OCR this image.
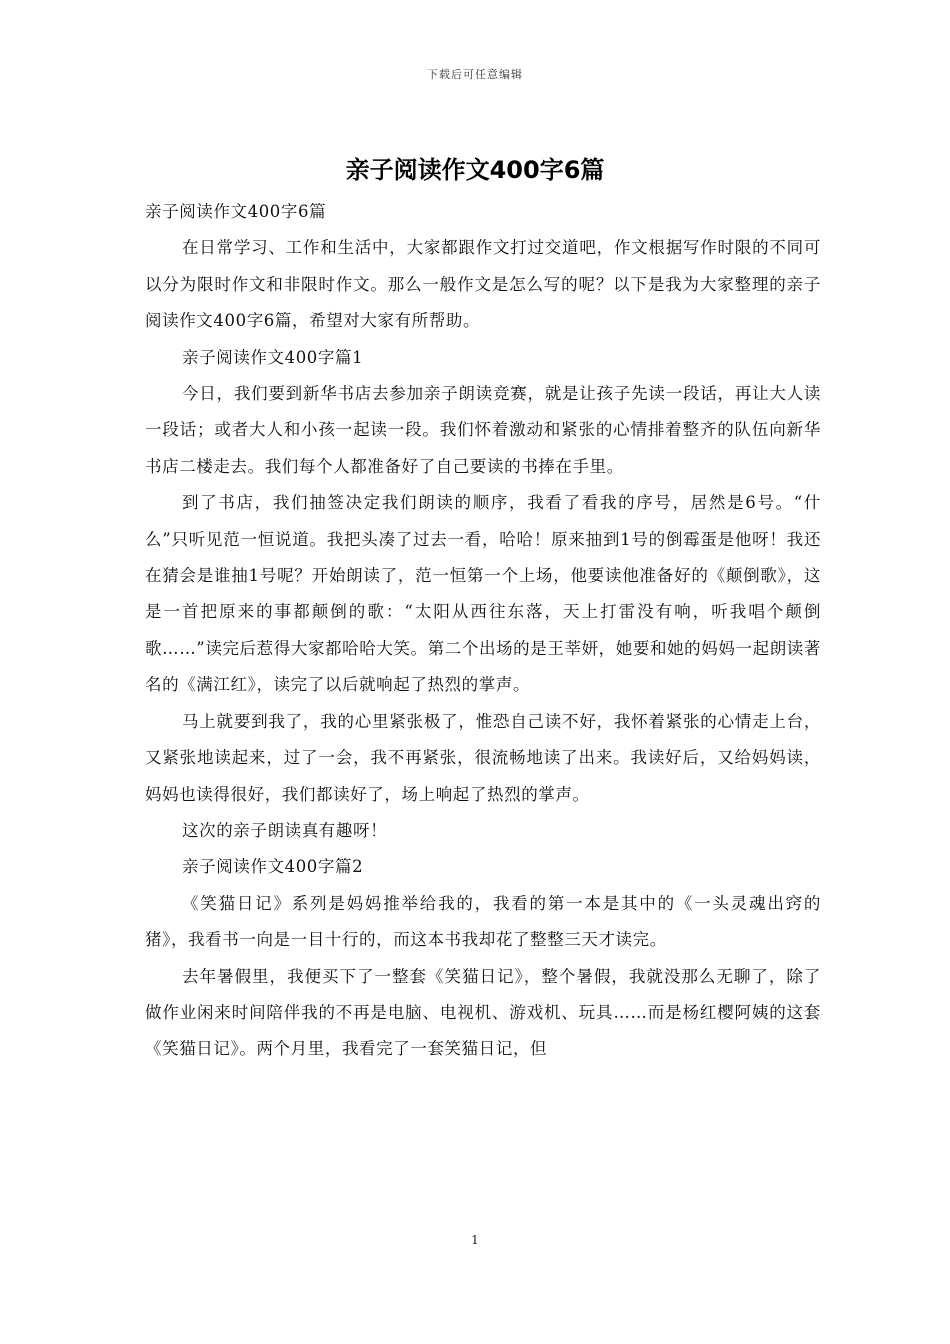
下载后可任意编辑
亲子阅读作文400字6篇

亲子阅读作文400字6篇

在日常学习、工作和生活中，大家都跟作文打过交道吧，作文根据写作时限的不同可以分为限时作文和非限时作文。那么一般作文是怎么写的呢？以下是我为大家整理的亲子阅读作文400字6篇，希望对大家有所帮助。

亲子阅读作文400字篇1

今日，我们要到新华书店去参加亲子朗读竞赛，就是让孩子先读一段话，再让大人读一段话；或者大人和小孩一起读一段。我们怀着激动和紧张的心情排着整齐的队伍向新华书店二楼走去。我们每个人都准备好了自己要读的书捧在手里。

到了书店，我们抽签决定我们朗读的顺序，我看了看我的序号，居然是6号。“什么”只听见范一恒说道。我把头凑了过去一看，哈哈！原来抽到1号的倒霉蛋是他呀！我还在猜会是谁抽1号呢？开始朗读了，范一恒第一个上场，他要读他准备好的《颠倒歌》，这是一首把原来的事都颠倒的歌：“太阳从西往东落，天上打雷没有响，听我唱个颠倒歌……”读完后惹得大家都哈哈大笑。第二个出场的是王莘妍，她要和她的妈妈一起朗读著名的《满江红》，读完了以后就响起了热烈的掌声。

马上就要到我了，我的心里紧张极了，惟恐自己读不好，我怀着紧张的心情走上台，又紧张地读起来，过了一会，我不再紧张，很流畅地读了出来。我读好后，又给妈妈读，妈妈也读得很好，我们都读好了，场上响起了热烈的掌声。

这次的亲子朗读真有趣呀！

亲子阅读作文400字篇2

《笑猫日记》系列是妈妈推举给我的，我看的第一本是其中的《一头灵魂出窍的猪》，我看书一向是一目十行的，而这本书我却花了整整三天才读完。

去年暑假里，我便买下了一整套《笑猫日记》，整个暑假，我就没那么无聊了，除了做作业闲来时间陪伴我的不再是电脑、电视机、游戏机、玩具……而是杨红樱阿姨的这套《笑猫日记》。两个月里，我看完了一套笑猫日记，但

1
